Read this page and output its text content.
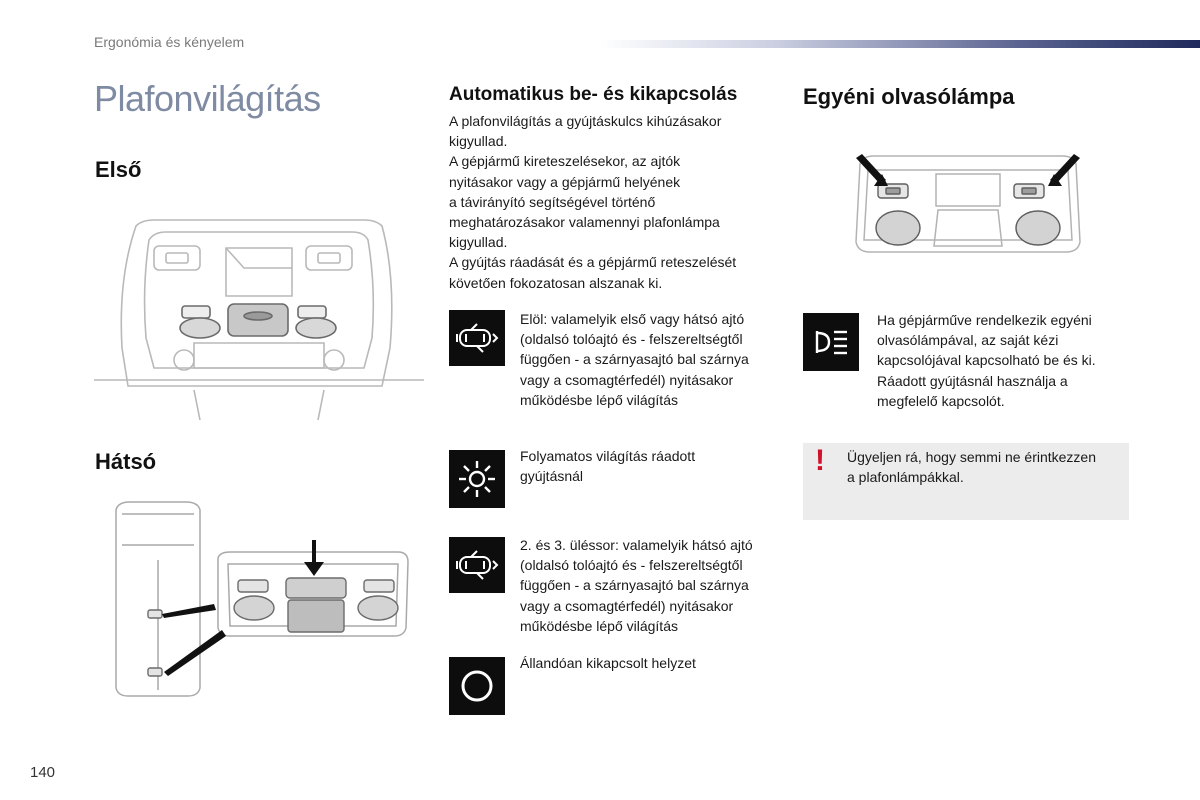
Ergonómia és kényelem
Plafonvilágítás
Első
Hátsó
Automatikus be- és kikapcsolás
A plafonvilágítás a gyújtáskulcs kihúzásakor
kigyullad.
A gépjármű kireteszelésekor, az ajtók
nyitásakor vagy a gépjármű helyének
a távirányító segítségével történő
meghatározásakor valamennyi plafonlámpa
kigyullad.
A gyújtás ráadását és a gépjármű reteszelését
követően fokozatosan alszanak ki.
Elöl: valamelyik első vagy hátsó ajtó
(oldalsó tolóajtó és - felszereltségtől
függően - a szárnyasajtó bal szárnya
vagy a csomagtérfedél) nyitásakor
működésbe lépő világítás
Folyamatos világítás ráadott
gyújtásnál
2. és 3. üléssor: valamelyik hátsó ajtó
(oldalsó tolóajtó és - felszereltségtől
függően - a szárnyasajtó bal szárnya
vagy a csomagtérfedél) nyitásakor
működésbe lépő világítás
Állandóan kikapcsolt helyzet
Egyéni olvasólámpa
Ha gépjárműve rendelkezik egyéni
olvasólámpával, az saját kézi
kapcsolójával kapcsolható be és ki.
Ráadott gyújtásnál használja a
megfelelő kapcsolót.
! Ügyeljen rá, hogy semmi ne érintkezzen
a plafonlámpákkal.
140
